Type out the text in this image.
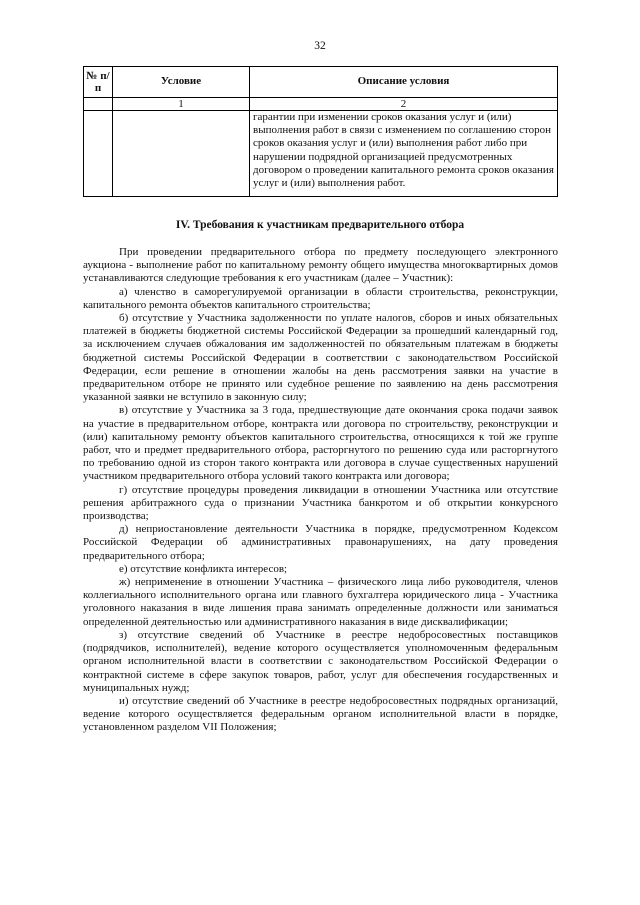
32
№ п/п	Условие	Описание условия
	1	2
		гарантии при изменении сроков оказания услуг и (или) выполнения работ в связи с изменением по соглашению сторон сроков оказания услуг и (или) выполнения работ либо при нарушении подрядной организацией предусмотренных договором о проведении капитального ремонта сроков оказания услуг и (или) выполнения работ.
IV. Требования к участникам предварительного отбора

При проведении предварительного отбора по предмету последующего электронного аукциона - выполнение работ по капитальному ремонту общего имущества многоквартирных домов устанавливаются следующие требования к его участникам (далее – Участник):

а) членство в саморегулируемой организации в области строительства, реконструкции, капитального ремонта объектов капитального строительства;

б) отсутствие у Участника задолженности по уплате налогов, сборов и иных обязательных платежей в бюджеты бюджетной системы Российской Федерации за прошедший календарный год, за исключением случаев обжалования им задолженностей по обязательным платежам в бюджеты бюджетной системы Российской Федерации в соответствии с законодательством Российской Федерации, если решение в отношении жалобы на день рассмотрения заявки на участие в предварительном отборе не принято или судебное решение по заявлению на день рассмотрения указанной заявки не вступило в законную силу;

в) отсутствие у Участника за 3 года, предшествующие дате окончания срока подачи заявок на участие в предварительном отборе, контракта или договора по строительству, реконструкции и (или) капитальному ремонту объектов капитального строительства, относящихся к той же группе работ, что и предмет предварительного отбора, расторгнутого по решению суда или расторгнутого по требованию одной из сторон такого контракта или договора в случае существенных нарушений участником предварительного отбора условий такого контракта или договора;

г) отсутствие процедуры проведения ликвидации в отношении Участника или отсутствие решения арбитражного суда о признании Участника банкротом и об открытии конкурсного производства;

д) неприостановление деятельности Участника в порядке, предусмотренном Кодексом Российской Федерации об административных правонарушениях, на дату проведения предварительного отбора;

е) отсутствие конфликта интересов;

ж) неприменение в отношении Участника – физического лица либо руководителя, членов коллегиального исполнительного органа или главного бухгалтера юридического лица - Участника уголовного наказания в виде лишения права занимать определенные должности или заниматься определенной деятельностью или административного наказания в виде дисквалификации;

з) отсутствие сведений об Участнике в реестре недобросовестных поставщиков (подрядчиков, исполнителей), ведение которого осуществляется уполномоченным федеральным органом исполнительной власти в соответствии с законодательством Российской Федерации о контрактной системе в сфере закупок товаров, работ, услуг для обеспечения государственных и муниципальных нужд;

и) отсутствие сведений об Участнике в реестре недобросовестных подрядных организаций, ведение которого осуществляется федеральным органом исполнительной власти в порядке, установленном разделом VII Положения;
